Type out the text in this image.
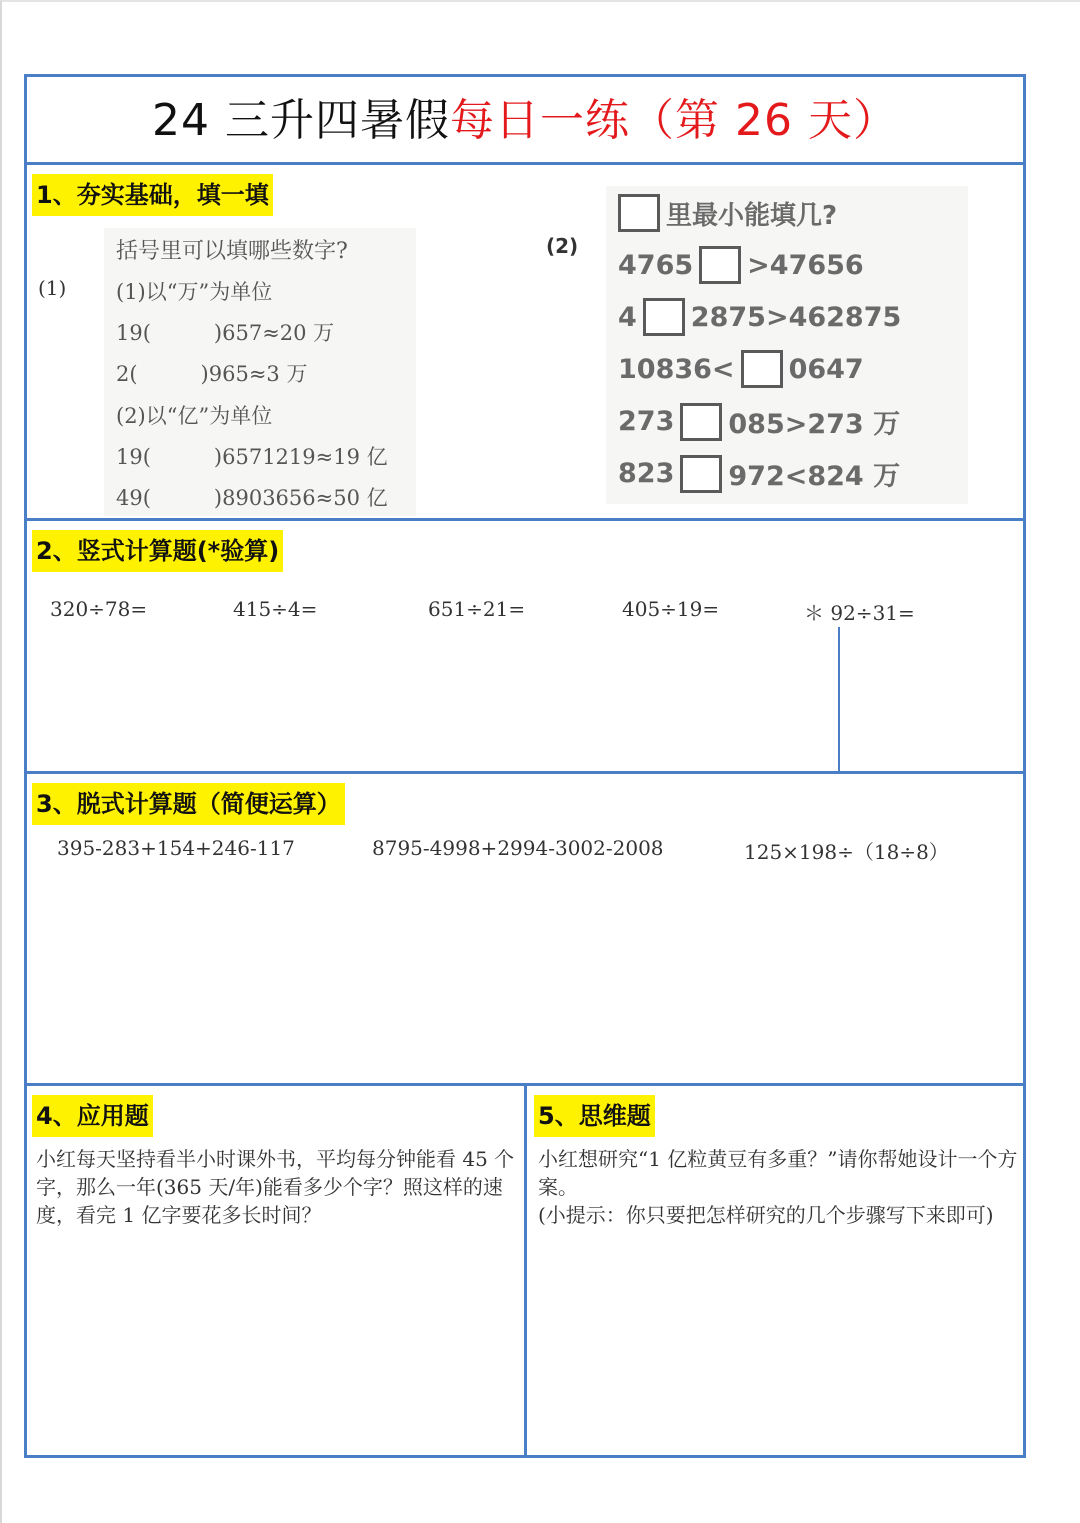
24 三升四暑假每日一练（第 26 天）
1、夯实基础，填一填
(1)
括号里可以填哪些数字?
(1)以“万”为单位
19(　　　)657≈20 万
2(　　　)965≈3 万
(2)以“亿”为单位
19(　　　)6571219≈19 亿
49(　　　)8903656≈50 亿
(2)
里最小能填几?
4765 >47656
4 2875>462875
10836< 0647
273 085>273 万
823 972<824 万
2、竖式计算题(*验算)
320÷78=	415÷4=	651÷21=	405÷19=	＊ 92÷31=
3、脱式计算题（简便运算）
395-283+154+246-117	8795-4998+2994-3002-2008	125×198÷（18÷8）
4、应用题
小红每天坚持看半小时课外书，平均每分钟能看 45 个字，那么一年(365 天/年)能看多少个字？照这样的速度，看完 1 亿字要花多长时间？
5、思维题
小红想研究“1 亿粒黄豆有多重？”请你帮她设计一个方案。
(小提示：你只要把怎样研究的几个步骤写下来即可)
